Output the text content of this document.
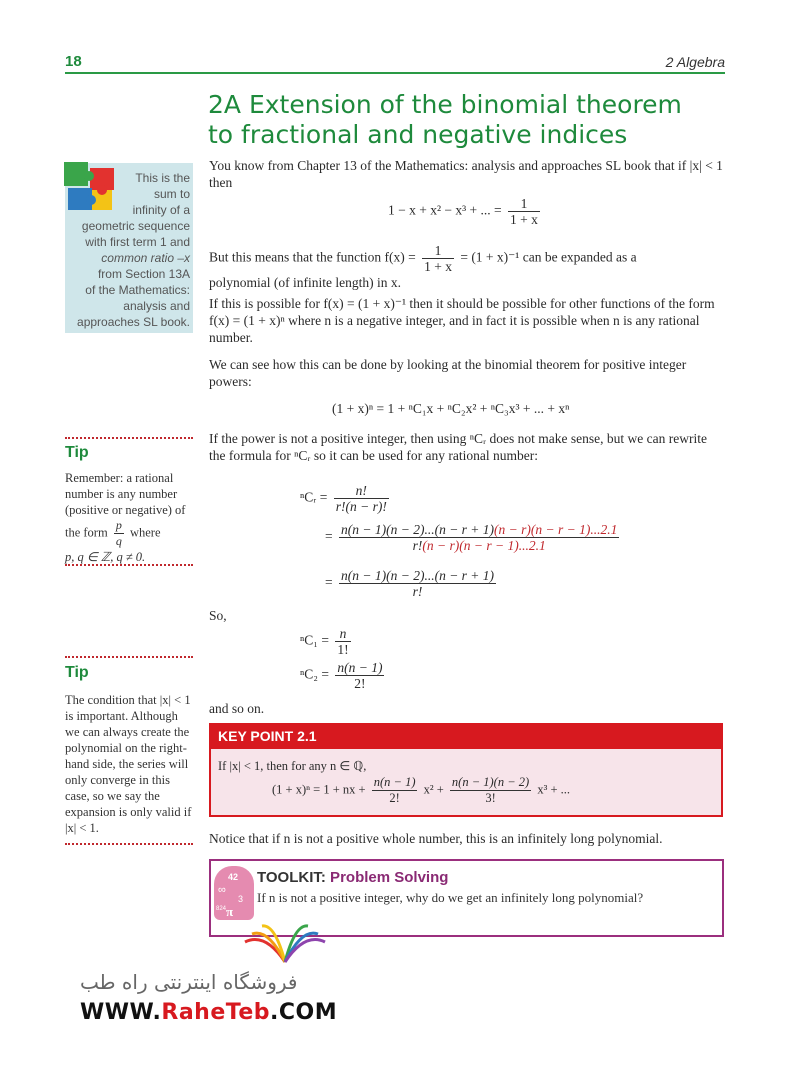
18	2 Algebra
2A Extension of the binomial theorem
to fractional and negative indices
This is the
sum to
infinity of a
geometric sequence
with first term 1 and
common ratio –x
from Section 13A
of the Mathematics:
analysis and
approaches SL book.
Tip
Remember: a rational number is any number (positive or negative) of the form $\frac{p}{q}$ where
p, q ∈ ℤ, q ≠ 0.
Tip
The condition that |x| < 1 is important. Although we can always create the polynomial on the right-hand side, the series will only converge in this case, so we say the expansion is only valid if |x| < 1.
You know from Chapter 13 of the Mathematics: analysis and approaches SL book that if |x| < 1 then
1 − x + x² − x³ + ... = $\frac{1}{1 + x}$
But this means that the function $f(x) = \frac{1}{1 + x} = (1 + x)^{-1}$ can be expanded as a
polynomial (of infinite length) in x.
If this is possible for f(x) = (1 + x)⁻¹ then it should be possible for other functions of the form f(x) = (1 + x)ⁿ where n is a negative integer, and in fact it is possible when n is any rational number.
We can see how this can be done by looking at the binomial theorem for positive integer powers:
(1 + x)ⁿ = 1 + ⁿC₁x + ⁿC₂x² + ⁿC₃x³ + ... + xⁿ
If the power is not a positive integer, then using ⁿCᵣ does not make sense, but we can rewrite the formula for ⁿCᵣ so it can be used for any rational number:
ⁿCᵣ = $\frac{n!}{r!(n - r)!}$
= $\frac{n(n - 1)(n - 2)...(n - r + 1)(n - r)(n - r - 1)...2.1}{r!(n - r)(n - r - 1)...2.1}$
= $\frac{n(n - 1)(n - 2)...(n - r + 1)}{r!}$
So,
$^nC_1 = \frac{n}{1!}$
$^nC_2 = \frac{n(n - 1)}{2!}$
and so on.
KEY POINT 2.1
If |x| < 1, then for any n ∈ ℚ,
(1 + x)ⁿ = 1 + nx + $\frac{n(n - 1)}{2!} x^2 + \frac{n(n - 1)(n - 2)}{3!} x^3$ + ...
Notice that if n is not a positive whole number, this is an infinitely long polynomial.
42
∞
3
π
824
TOOLKIT: Problem Solving
If n is not a positive integer, why do we get an infinitely long polynomial?
فروشگاه اینترنتی راه طب
WWW.RaheTeb.COM
